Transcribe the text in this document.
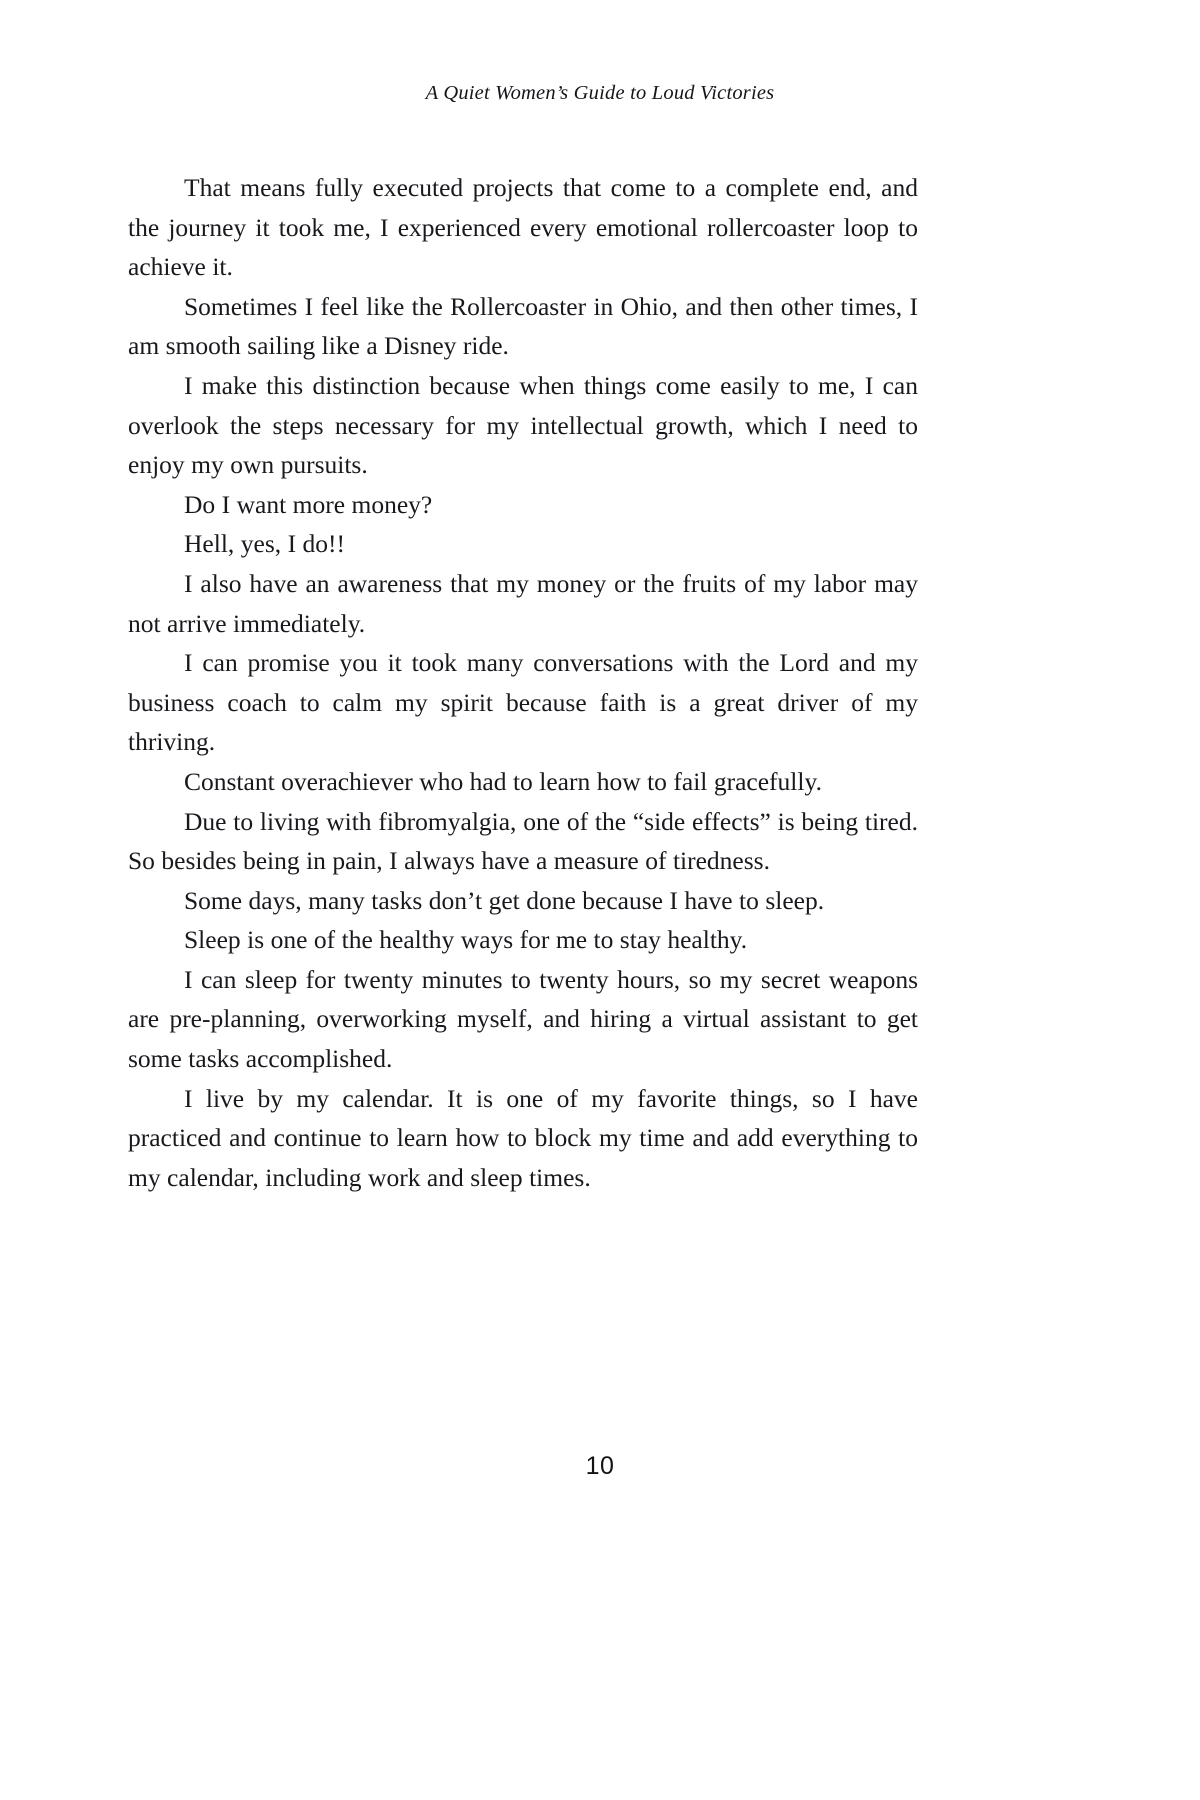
A Quiet Women’s Guide to Loud Victories

That means fully executed projects that come to a complete end, and the journey it took me, I experienced every emotional rollercoaster loop to achieve it.

Sometimes I feel like the Rollercoaster in Ohio, and then other times, I am smooth sailing like a Disney ride.

I make this distinction because when things come easily to me, I can overlook the steps necessary for my intellectual growth, which I need to enjoy my own pursuits.

Do I want more money?

Hell, yes, I do!!

I also have an awareness that my money or the fruits of my labor may not arrive immediately.

I can promise you it took many conversations with the Lord and my business coach to calm my spirit because faith is a great driver of my thriving.

Constant overachiever who had to learn how to fail gracefully.

Due to living with fibromyalgia, one of the “side effects” is being tired. So besides being in pain, I always have a measure of tiredness.

Some days, many tasks don’t get done because I have to sleep.

Sleep is one of the healthy ways for me to stay healthy.

I can sleep for twenty minutes to twenty hours, so my secret weapons are pre-planning, overworking myself, and hiring a virtual assistant to get some tasks accomplished.

I live by my calendar. It is one of my favorite things, so I have practiced and continue to learn how to block my time and add everything to my calendar, including work and sleep times.

10
